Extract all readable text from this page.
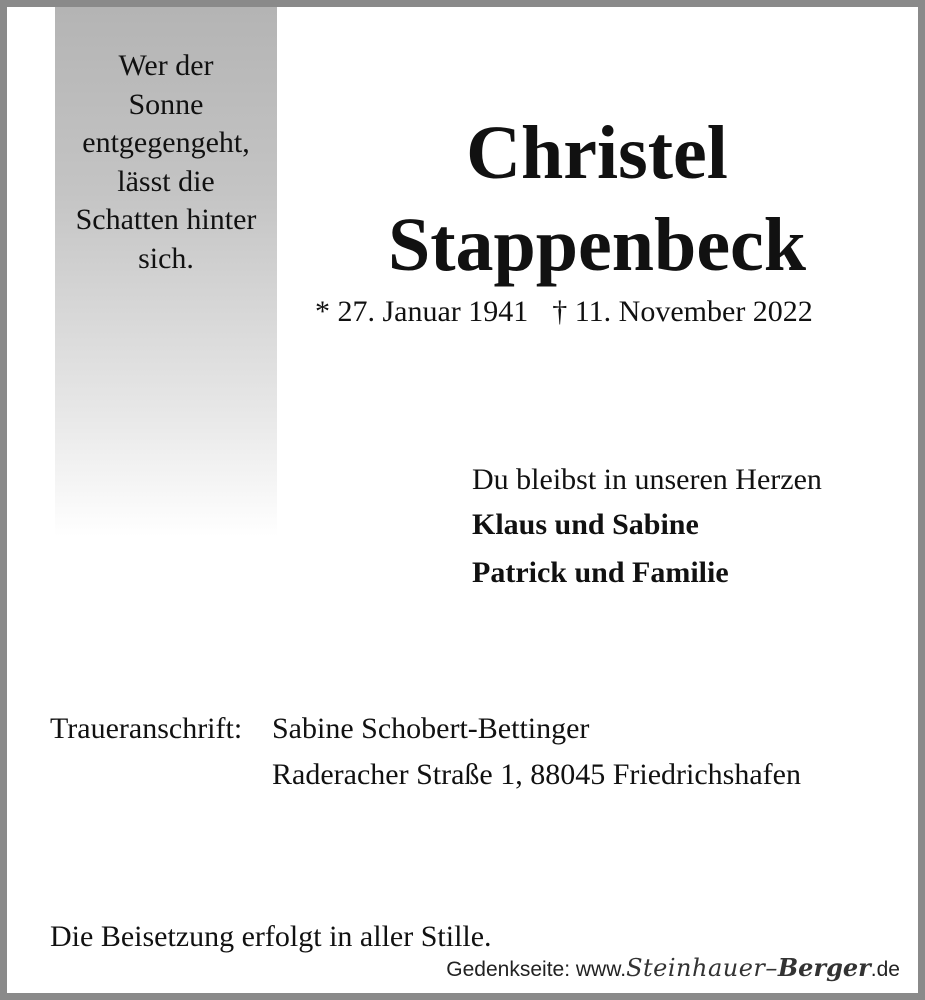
Wer der
Sonne
entgegengeht,
lässt die
Schatten hinter
sich.
Christel
Stappenbeck
* 27. Januar 1941 † 11. November 2022
Du bleibst in unseren Herzen
Klaus und Sabine
Patrick und Familie
Traueranschrift: Sabine Schobert-Bettinger
Raderacher Straße 1, 88045 Friedrichshafen
Die Beisetzung erfolgt in aller Stille.
Gedenkseite: www.Steinhauer–Berger.de
